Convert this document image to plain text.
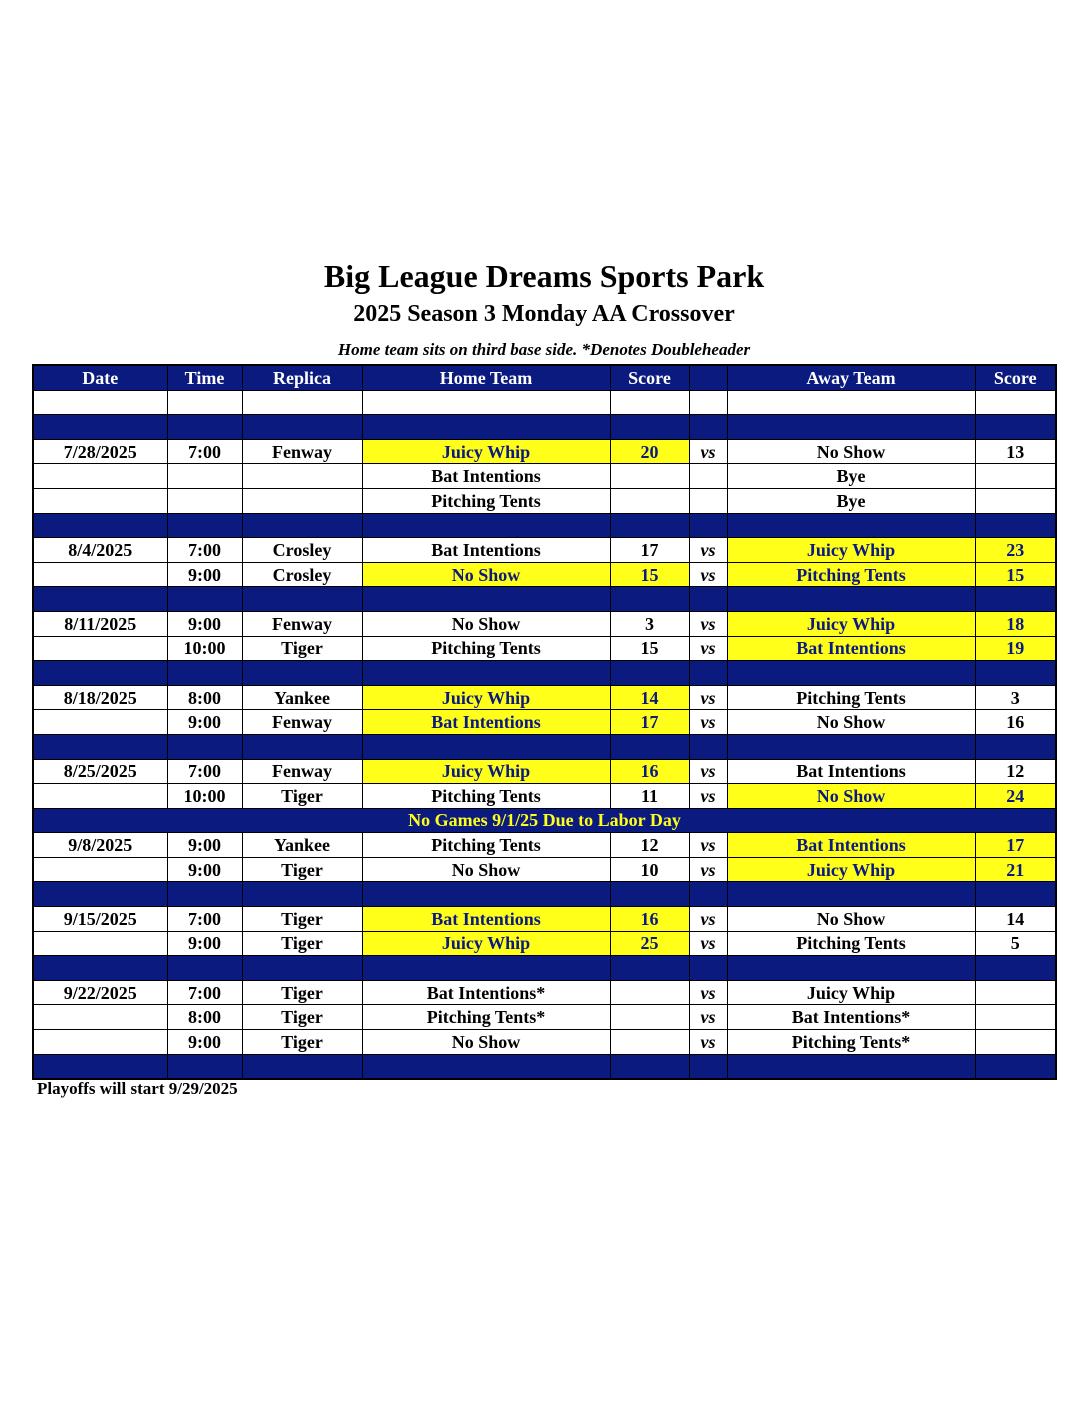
Big League Dreams Sports Park
2025 Season 3 Monday AA Crossover
Home team sits on third base side. *Denotes Doubleheader
Date	Time	Replica	Home Team	Score		Away Team	Score

7/28/2025	7:00	Fenway	Juicy Whip	20	vs	No Show	13
			Bat Intentions			Bye	
			Pitching Tents			Bye	

8/4/2025	7:00	Crosley	Bat Intentions	17	vs	Juicy Whip	23
	9:00	Crosley	No Show	15	vs	Pitching Tents	15

8/11/2025	9:00	Fenway	No Show	3	vs	Juicy Whip	18
	10:00	Tiger	Pitching Tents	15	vs	Bat Intentions	19

8/18/2025	8:00	Yankee	Juicy Whip	14	vs	Pitching Tents	3
	9:00	Fenway	Bat Intentions	17	vs	No Show	16

8/25/2025	7:00	Fenway	Juicy Whip	16	vs	Bat Intentions	12
	10:00	Tiger	Pitching Tents	11	vs	No Show	24
No Games 9/1/25 Due to Labor Day							
9/8/2025	9:00	Yankee	Pitching Tents	12	vs	Bat Intentions	17
	9:00	Tiger	No Show	10	vs	Juicy Whip	21

9/15/2025	7:00	Tiger	Bat Intentions	16	vs	No Show	14
	9:00	Tiger	Juicy Whip	25	vs	Pitching Tents	5

9/22/2025	7:00	Tiger	Bat Intentions*		vs	Juicy Whip	
	8:00	Tiger	Pitching Tents*		vs	Bat Intentions*	
	9:00	Tiger	No Show		vs	Pitching Tents*	

Playoffs will start 9/29/2025
